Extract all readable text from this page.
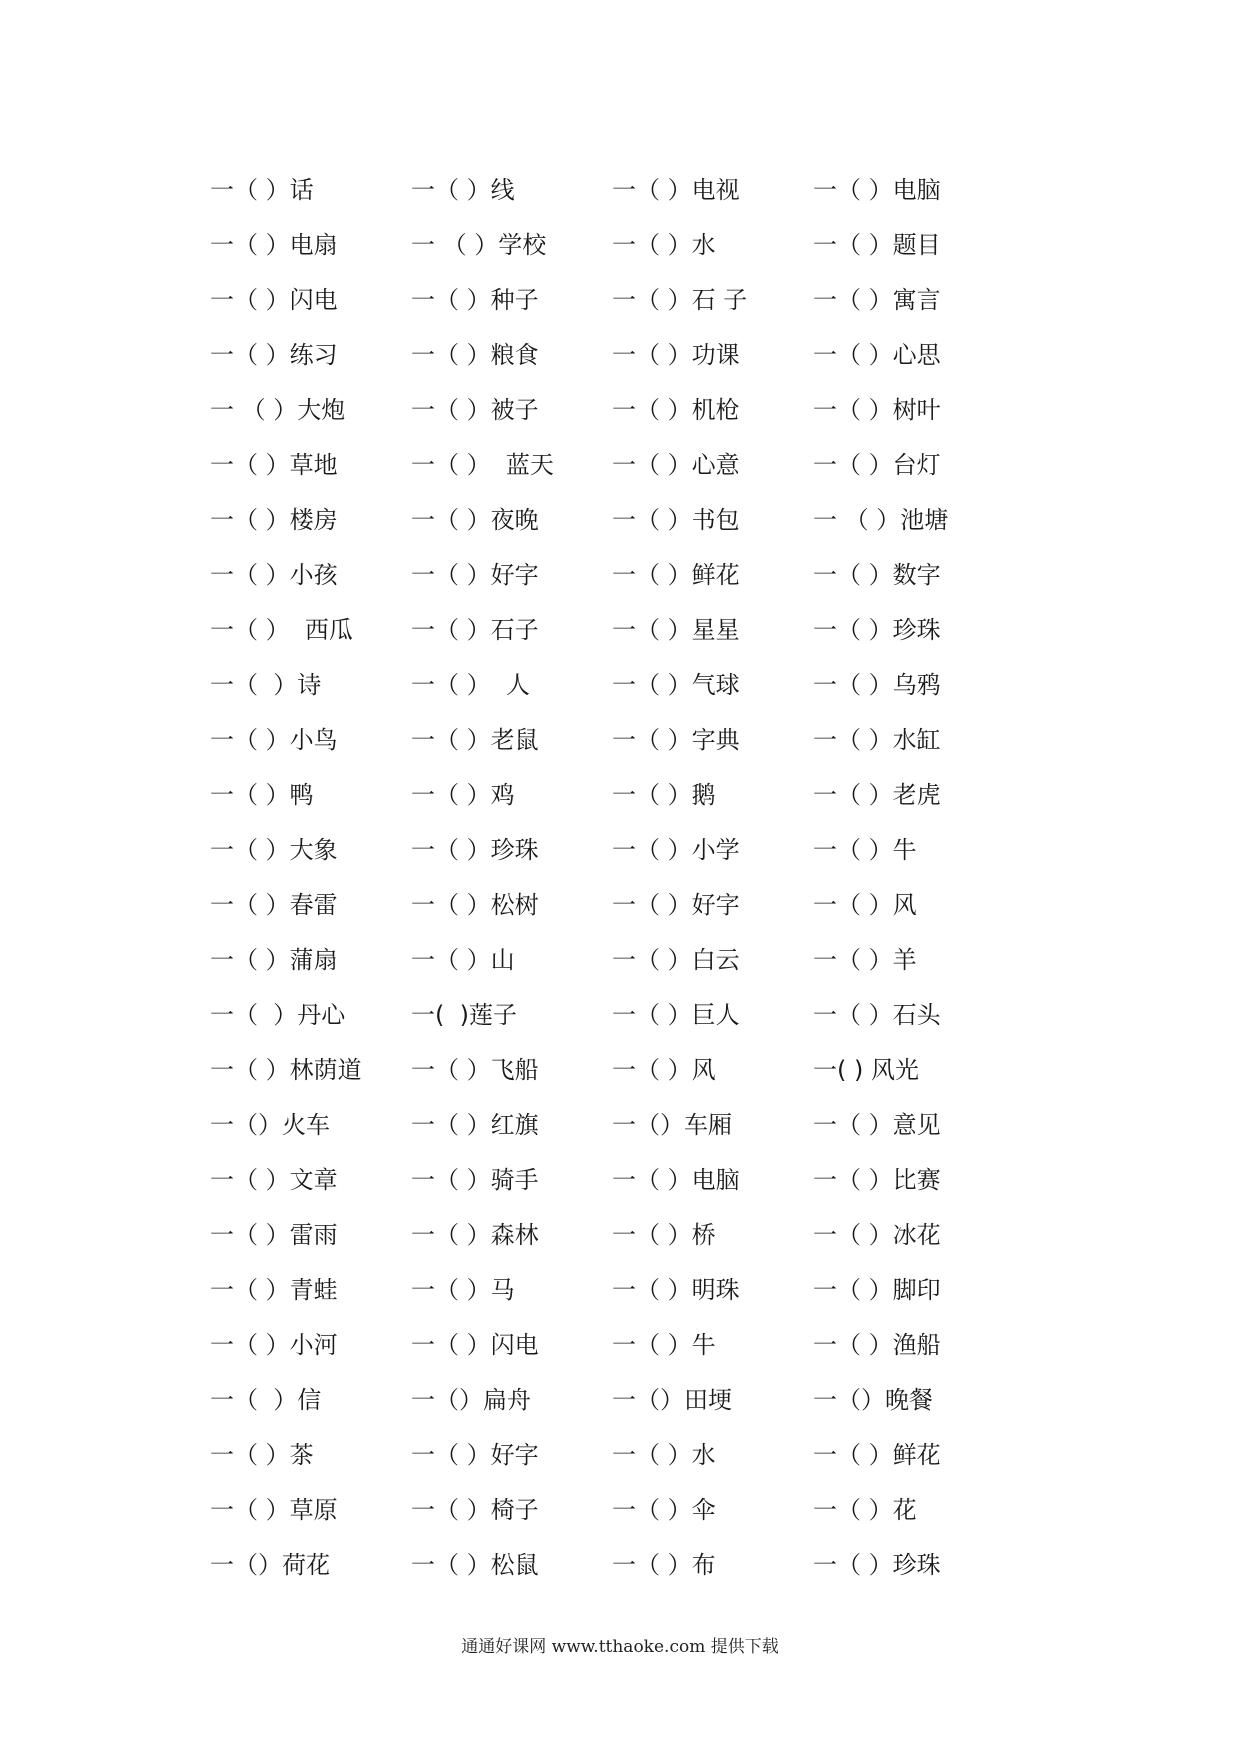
一（ ）话	一（ ）线	一（ ）电视	一（ ）电脑
一（ ）电扇	一 （ ）学校	一（ ）水	一（ ）题目
一（ ）闪电	一（ ）种子	一（ ）石 子	一（ ）寓言
一（ ）练习	一（ ）粮食	一（ ）功课	一（ ）心思
一 （ ）大炮	一（ ）被子	一（ ）机枪	一（ ）树叶
一（ ）草地	一（ ）  蓝天	一（ ）心意	一（ ）台灯
一（ ）楼房	一（ ）夜晚	一（ ）书包	一 （ ）池塘
一（ ）小孩	一（ ）好字	一（ ）鲜花	一（ ）数字
一（ ）  西瓜	一（ ）石子	一（ ）星星	一（ ）珍珠
一（  ）诗	一（ ）  人	一（ ）气球	一（ ）乌鸦
一（ ）小鸟	一（ ）老鼠	一（ ）字典	一（ ）水缸
一（ ）鸭	一（ ）鸡	一（ ）鹅	一（ ）老虎
一（ ）大象	一（ ）珍珠	一（ ）小学	一（ ）牛
一（ ）春雷	一（ ）松树	一（ ）好字	一（ ）风
一（ ）蒲扇	一（ ）山	一（ ）白云	一（ ）羊
一（  ）丹心	一(  )莲子	一（ ）巨人	一（ ）石头
一（ ）林荫道	一（ ）飞船	一（ ）风	一( ) 风光
一（）火车	一（ ）红旗	一（）车厢	一（ ）意见
一（ ）文章	一（ ）骑手	一（ ）电脑	一（ ）比赛
一（ ）雷雨	一（ ）森林	一（ ）桥	一（ ）冰花
一（ ）青蛙	一（ ）马	一（ ）明珠	一（ ）脚印
一（ ）小河	一（ ）闪电	一（ ）牛	一（ ）渔船
一（  ）信	一（）扁舟	一（）田埂	一（）晚餐
一（ ）茶	一（ ）好字	一（ ）水	一（ ）鲜花
一（ ）草原	一（ ）椅子	一（ ）伞	一（ ）花
一（）荷花	一（ ）松鼠	一（ ）布	一（ ）珍珠
通通好课网 www.tthaoke.com 提供下载
